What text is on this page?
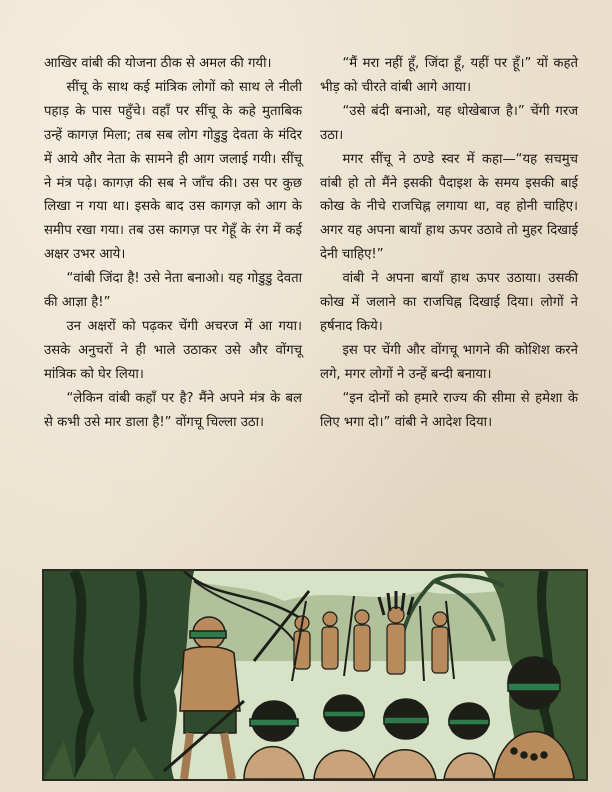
आखिर वांबी की योजना ठीक से अमल की गयी।

सींचू के साथ कई मांत्रिक लोगों को साथ ले नीली पहाड़ के पास पहुँचे। वहाँ पर सींचू के कहे मुताबिक उन्हें कागज़ मिला; तब सब लोग गोडुडु देवता के मंदिर में आये और नेता के सामने ही आग जलाई गयी। सींचू ने मंत्र पढ़े। कागज़ की सब ने जाँच की। उस पर कुछ लिखा न गया था। इसके बाद उस कागज़ को आग के समीप रखा गया। तब उस कागज़ पर गेहूँ के रंग में कई अक्षर उभर आये।

“वांबी जिंदा है! उसे नेता बनाओ। यह गोडुडु देवता की आज्ञा है!”

उन अक्षरों को पढ़कर चेंगी अचरज में आ गया। उसके अनुचरों ने ही भाले उठाकर उसे और वोंगचू मांत्रिक को घेर लिया।

“लेकिन वांबी कहाँ पर है? मैंने अपने मंत्र के बल से कभी उसे मार डाला है!” वोंगचू चिल्ला उठा।

“मैं मरा नहीं हूँ, जिंदा हूँ, यहीं पर हूँ।” यों कहते भीड़ को चीरते वांबी आगे आया।

“उसे बंदी बनाओ, यह धोखेबाज है।” चेंगी गरज उठा।

मगर सींचू ने ठण्डे स्वर में कहा—“यह सचमुच वांबी हो तो मैंने इसकी पैदाइश के समय इसकी बाई कोख के नीचे राजचिह्न लगाया था, वह होनी चाहिए। अगर यह अपना बायाँ हाथ ऊपर उठावे तो मुहर दिखाई देनी चाहिए!”

वांबी ने अपना बायाँ हाथ ऊपर उठाया। उसकी कोख में जलाने का राजचिह्न दिखाई दिया। लोगों ने हर्षनाद किये।

इस पर चेंगी और वोंगचू भागने की कोशिश करने लगे, मगर लोगों ने उन्हें बन्दी बनाया।

“इन दोनों को हमारे राज्य की सीमा से हमेशा के लिए भगा दो।” वांबी ने आदेश दिया।
